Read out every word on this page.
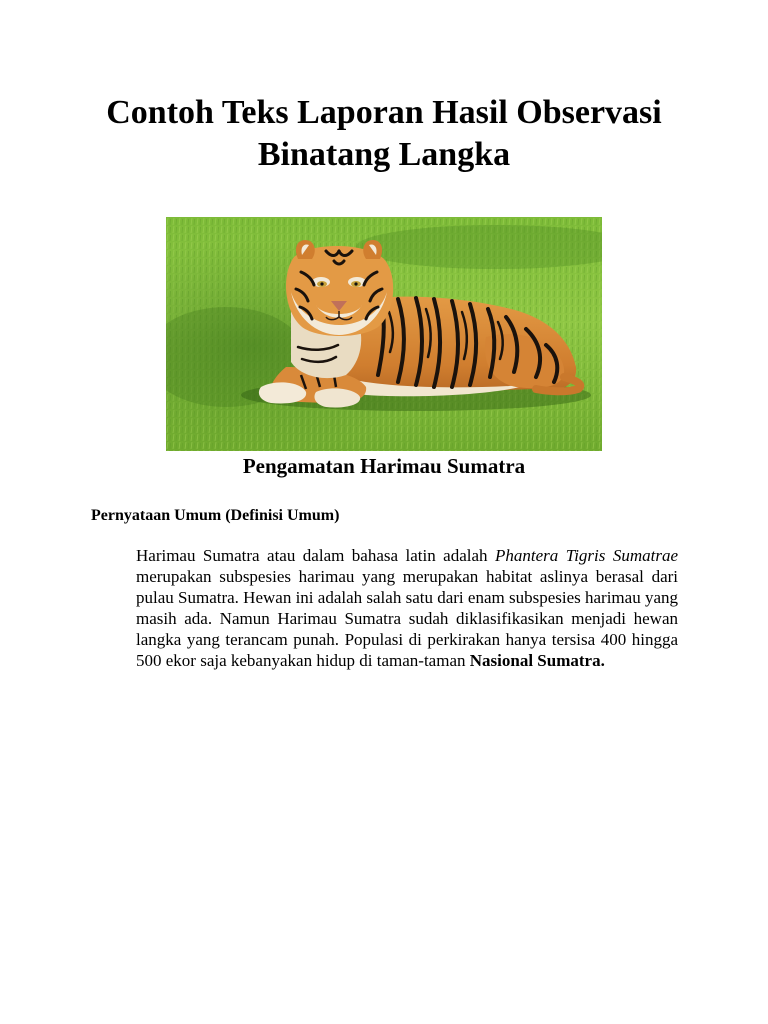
Contoh Teks Laporan Hasil Observasi
Binatang Langka
Pengamatan Harimau Sumatra
Pernyataan Umum (Definisi Umum)

Harimau Sumatra atau dalam bahasa latin adalah Phantera Tigris Sumatrae merupakan subspesies harimau yang merupakan habitat aslinya berasal dari pulau Sumatra. Hewan ini adalah salah satu dari enam subspesies harimau yang masih ada. Namun Harimau Sumatra sudah diklasifikasikan menjadi hewan langka yang terancam punah. Populasi di perkirakan hanya tersisa 400 hingga 500 ekor saja kebanyakan hidup di taman-taman Nasional Sumatra.
